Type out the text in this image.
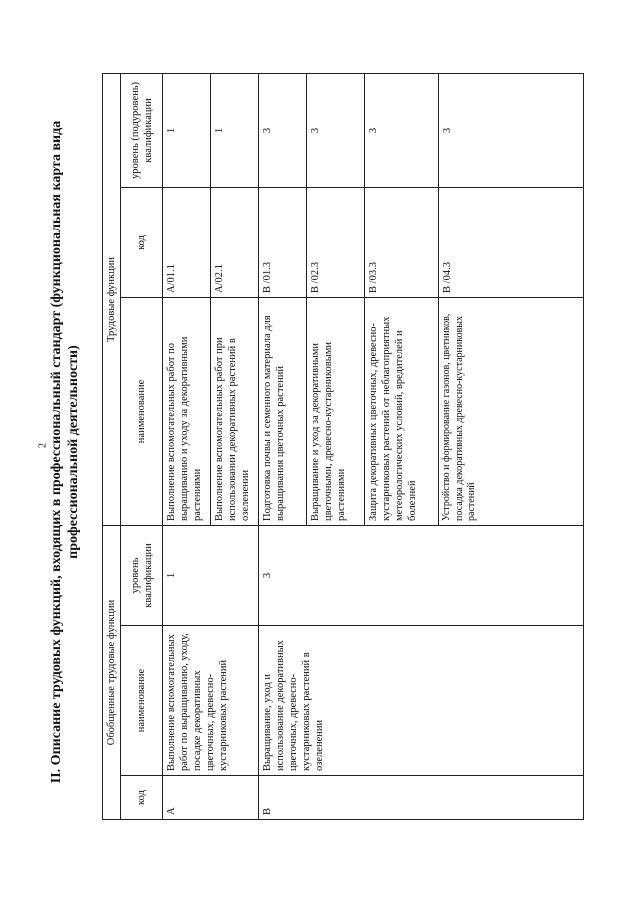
2 II. Описание трудовых функций, входящих в профессиональный стандарт (функциональная карта вида профессиональной деятельности)
Обобщенные трудовые функции			Трудовые функции		
код	наименование	уровень квалификации	наименование	код	уровень (подуровень) квалификации
A	Выполнение вспомогательных работ по выращиванию, уходу, посадке декоративных цветочных, древесно-кустарниковых растений	1	Выполнение вспомогательных работ по выращиванию и уходу за декоративными растениями	A/01.1	1
			Выполнение вспомогательных работ при использовании декоративных растений в озеленении	A/02.1	1
B	Выращивание, уход и использование декоративных цветочных, древесно-кустарниковых растений в озеленении	3	Подготовка почвы и семенного материала для выращивания цветочных растений	B /01.3	3
			Выращивание и уход за декоративными цветочными, древесно-кустарниковыми растениями	B /02.3	3
			Защита декоративных цветочных, древесно-кустарниковых растений от неблагоприятных метеорологических условий, вредителей и болезней	B /03.3	3
			Устройство и формирование газонов, цветников, посадка декоративных древесно-кустарниковых растений	B /04.3	3
